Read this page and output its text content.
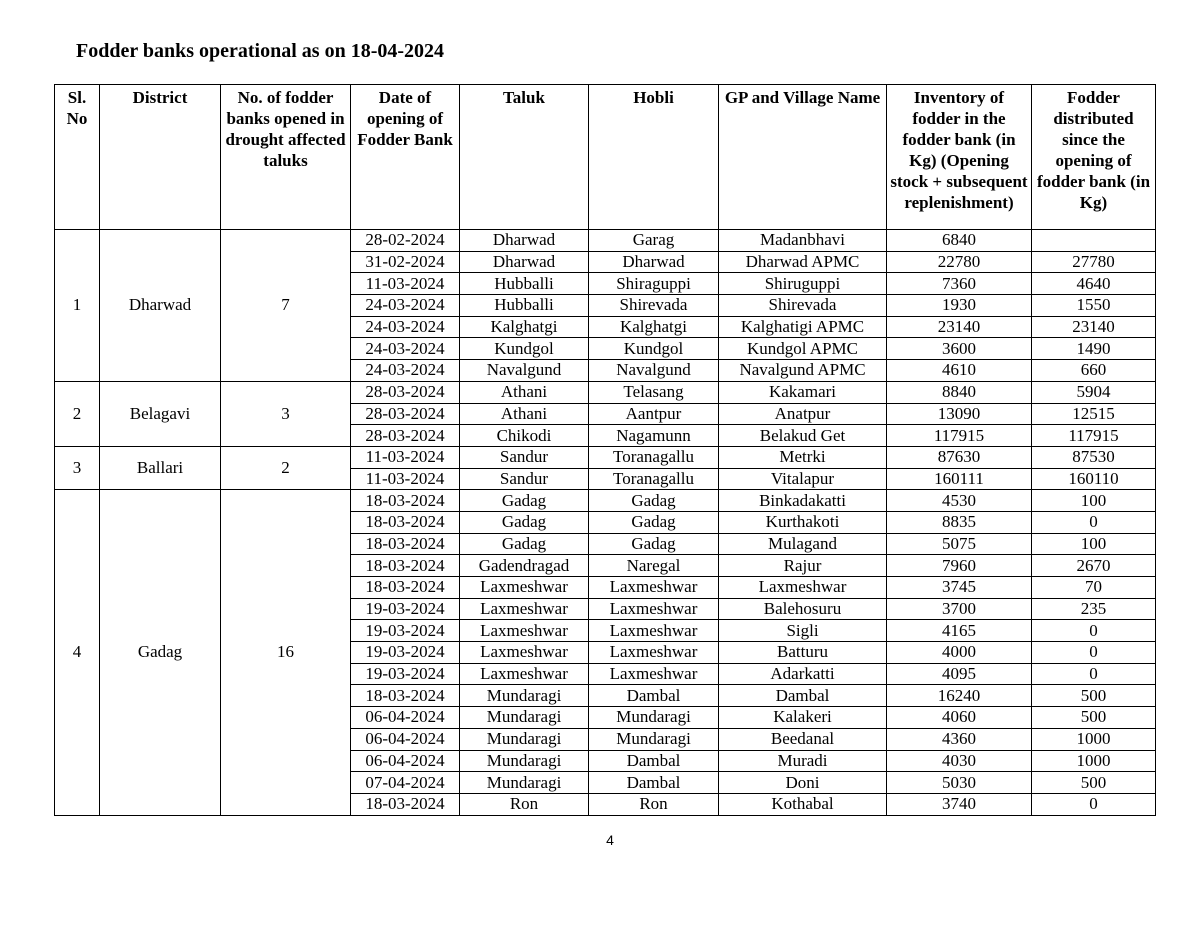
Fodder banks operational as on 18-04-2024
Sl. No	District	No. of fodder banks opened in drought affected taluks	Date of opening of Fodder Bank	Taluk	Hobli	GP and Village Name	Inventory of fodder in the fodder bank (in Kg) (Opening stock + subsequent replenishment)	Fodder distributed since the opening of fodder bank (in Kg)
1	Dharwad	7	28-02-2024	Dharwad	Garag	Madanbhavi	6840	
			31-02-2024	Dharwad	Dharwad	Dharwad APMC	22780	27780
			11-03-2024	Hubballi	Shiraguppi	Shiruguppi	7360	4640
			24-03-2024	Hubballi	Shirevada	Shirevada	1930	1550
			24-03-2024	Kalghatgi	Kalghatgi	Kalghatigi APMC	23140	23140
			24-03-2024	Kundgol	Kundgol	Kundgol APMC	3600	1490
			24-03-2024	Navalgund	Navalgund	Navalgund APMC	4610	660
2	Belagavi	3	28-03-2024	Athani	Telasang	Kakamari	8840	5904
			28-03-2024	Athani	Aantpur	Anatpur	13090	12515
			28-03-2024	Chikodi	Nagamunn	Belakud Get	117915	117915
3	Ballari	2	11-03-2024	Sandur	Toranagallu	Metrki	87630	87530
			11-03-2024	Sandur	Toranagallu	Vitalapur	160111	160110
4	Gadag	16	18-03-2024	Gadag	Gadag	Binkadakatti	4530	100
			18-03-2024	Gadag	Gadag	Kurthakoti	8835	0
			18-03-2024	Gadag	Gadag	Mulagand	5075	100
			18-03-2024	Gadendragad	Naregal	Rajur	7960	2670
			18-03-2024	Laxmeshwar	Laxmeshwar	Laxmeshwar	3745	70
			19-03-2024	Laxmeshwar	Laxmeshwar	Balehosuru	3700	235
			19-03-2024	Laxmeshwar	Laxmeshwar	Sigli	4165	0
			19-03-2024	Laxmeshwar	Laxmeshwar	Batturu	4000	0
			19-03-2024	Laxmeshwar	Laxmeshwar	Adarkatti	4095	0
			18-03-2024	Mundaragi	Dambal	Dambal	16240	500
			06-04-2024	Mundaragi	Mundaragi	Kalakeri	4060	500
			06-04-2024	Mundaragi	Mundaragi	Beedanal	4360	1000
			06-04-2024	Mundaragi	Dambal	Muradi	4030	1000
			07-04-2024	Mundaragi	Dambal	Doni	5030	500
			18-03-2024	Ron	Ron	Kothabal	3740	0
4
